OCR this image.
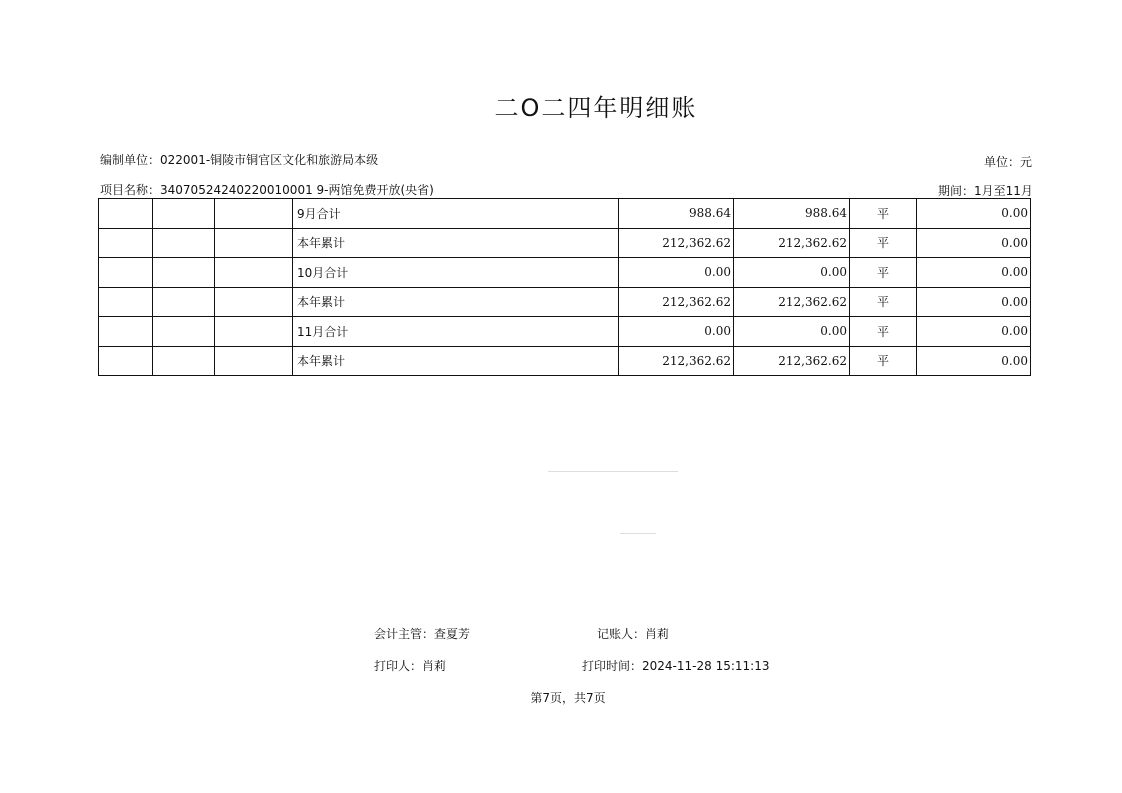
二O二四年明细账
编制单位：022001-铜陵市铜官区文化和旅游局本级	单位：元
项目名称：34070524240220010001 9-两馆免费开放(央省)	期间：1月至11月
			9月合计	988.64	988.64	平	0.00
			本年累计	212,362.62	212,362.62	平	0.00
			10月合计	0.00	0.00	平	0.00
			本年累计	212,362.62	212,362.62	平	0.00
			11月合计	0.00	0.00	平	0.00
			本年累计	212,362.62	212,362.62	平	0.00
会计主管：查夏芳	记账人：肖莉
打印人：肖莉	打印时间：2024-11-28 15:11:13
第7页，共7页
